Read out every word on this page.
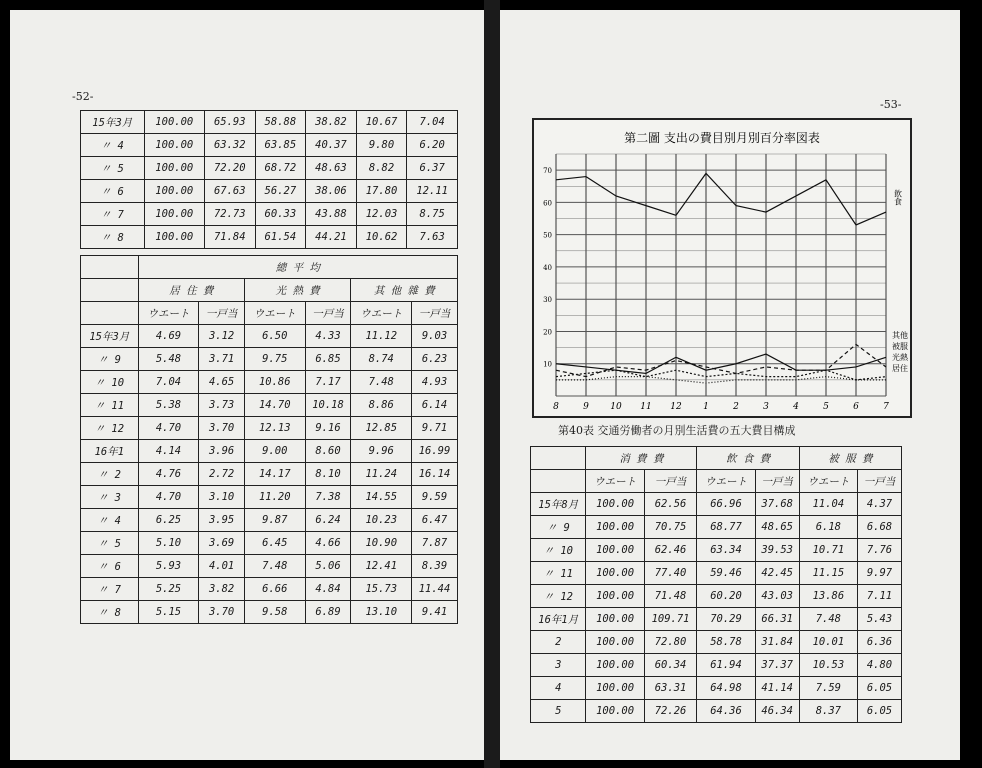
-52-
15年3月	100.00	65.93	58.88	38.82	10.67	7.04
〃 4	100.00	63.32	63.85	40.37	9.80	6.20
〃 5	100.00	72.20	68.72	48.63	8.82	6.37
〃 6	100.00	67.63	56.27	38.06	17.80	12.11
〃 7	100.00	72.73	60.33	43.88	12.03	8.75
〃 8	100.00	71.84	61.54	44.21	10.62	7.63
	總 平 均					
	居 住 費		光 熱 費		其 他 雜 費	
	ウエート	一戸当	ウエート	一戸当	ウエート	一戸当
15年3月	4.69	3.12	6.50	4.33	11.12	9.03
〃 9	5.48	3.71	9.75	6.85	8.74	6.23
〃 10	7.04	4.65	10.86	7.17	7.48	4.93
〃 11	5.38	3.73	14.70	10.18	8.86	6.14
〃 12	4.70	3.70	12.13	9.16	12.85	9.71
16年1	4.14	3.96	9.00	8.60	9.96	16.99
〃 2	4.76	2.72	14.17	8.10	11.24	16.14
〃 3	4.70	3.10	11.20	7.38	14.55	9.59
〃 4	6.25	3.95	9.87	6.24	10.23	6.47
〃 5	5.10	3.69	6.45	4.66	10.90	7.87
〃 6	5.93	4.01	7.48	5.06	12.41	8.39
〃 7	5.25	3.82	6.66	4.84	15.73	11.44
〃 8	5.15	3.70	9.58	6.89	13.10	9.41
-53-
第二圖 支出の費目別月別百分率図表
8	9 10 11 12 1	2	3	4	5	6	7
10
20
30
40
50
60
70
飲食
其他
被服
光熱
居住
第40表 交通労働者の月別生活費の五大費目構成
	消 費 費		飲 食 費		被 服 費	
	ウエート	一戸当	ウエート	一戸当	ウエート	一戸当
15年8月	100.00	62.56	66.96	37.68	11.04	4.37
〃 9	100.00	70.75	68.77	48.65	6.18	6.68
〃 10	100.00	62.46	63.34	39.53	10.71	7.76
〃 11	100.00	77.40	59.46	42.45	11.15	9.97
〃 12	100.00	71.48	60.20	43.03	13.86	7.11
16年1月	100.00	109.71	70.29	66.31	7.48	5.43
2	100.00	72.80	58.78	31.84	10.01	6.36
3	100.00	60.34	61.94	37.37	10.53	4.80
4	100.00	63.31	64.98	41.14	7.59	6.05
5	100.00	72.26	64.36	46.34	8.37	6.05
